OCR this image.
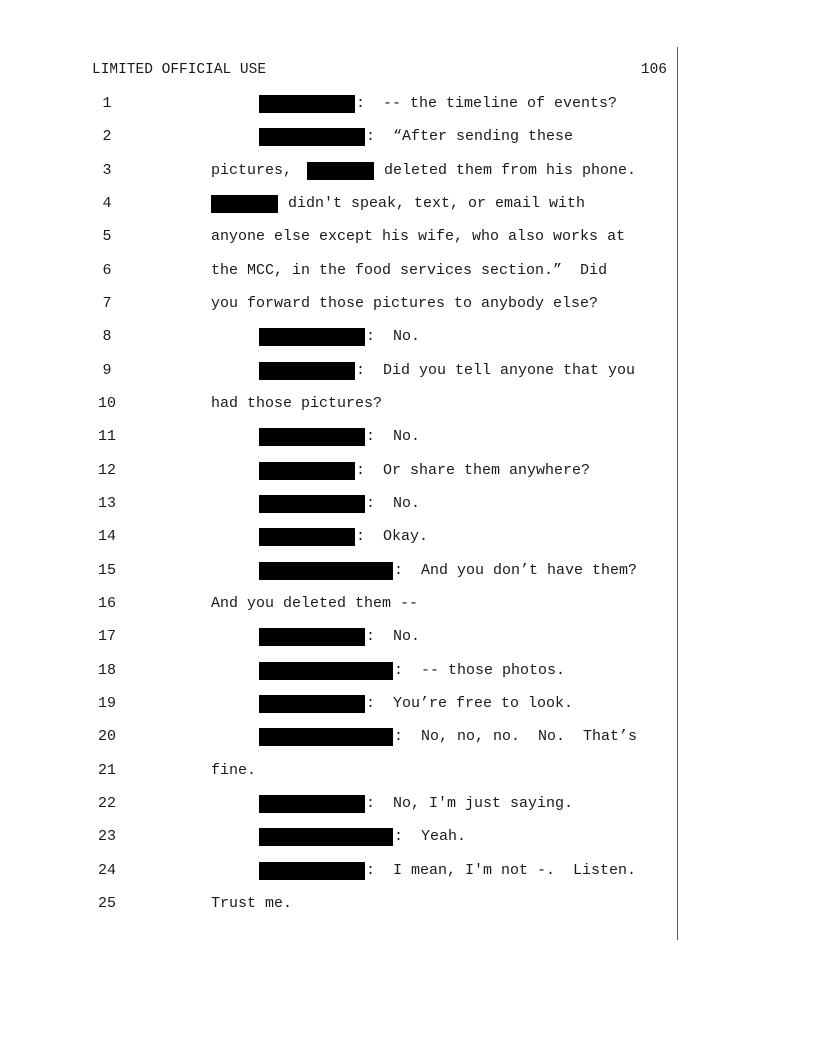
LIMITED OFFICIAL USE	106
1	:  -- the timeline of events?
2	:  “After sending these
3	pictures,	deleted them from his phone.
4	didn't speak, text, or email with
5	anyone else except his wife, who also works at
6	the MCC, in the food services section.”  Did
7	you forward those pictures to anybody else?
8	:  No.
9	:  Did you tell anyone that you
10	had those pictures?
11	:  No.
12	:  Or share them anywhere?
13	:  No.
14	:  Okay.
15	:  And you don’t have them?
16	And you deleted them --
17	:  No.
18	:  -- those photos.
19	:  You’re free to look.
20	:  No, no, no.  No.  That’s
21	fine.
22	:  No, I'm just saying.
23	:  Yeah.
24	:  I mean, I'm not -.  Listen.
25	Trust me.
